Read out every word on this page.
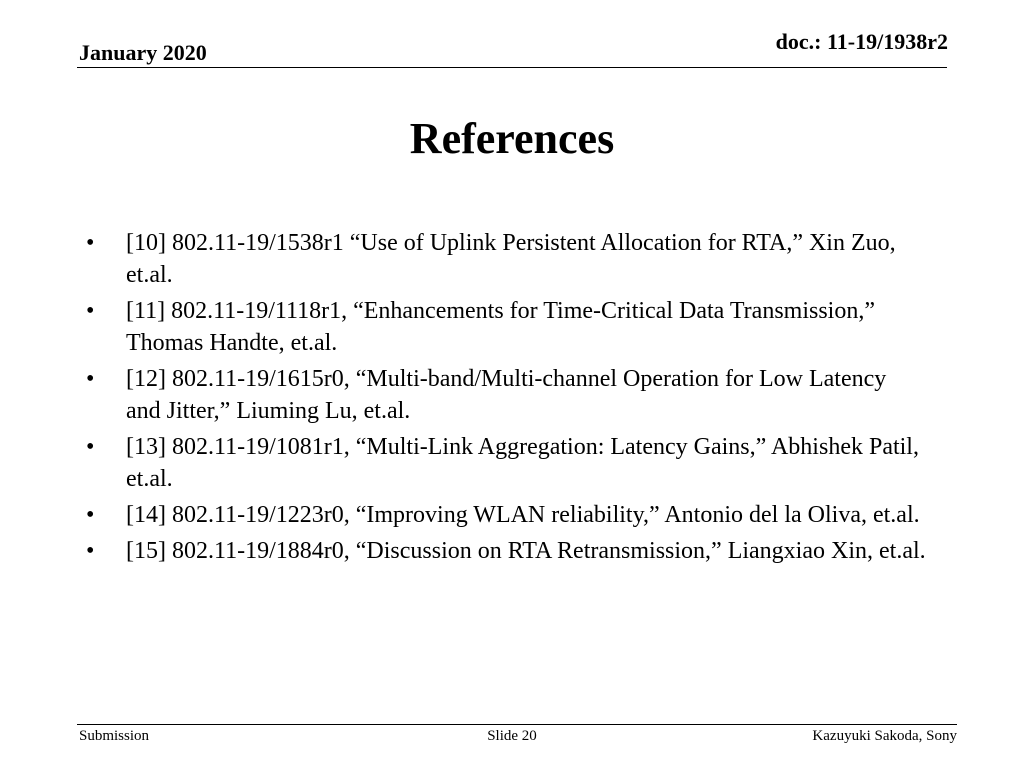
January 2020	doc.: 11-19/1938r2
References
• [10] 802.11-19/1538r1 “Use of Uplink Persistent Allocation for RTA,” Xin Zuo, et.al.
• [11] 802.11-19/1118r1, “Enhancements for Time-Critical Data Transmission,” Thomas Handte, et.al.
• [12] 802.11-19/1615r0, “Multi-band/Multi-channel Operation for Low Latency and Jitter,” Liuming Lu, et.al.
• [13] 802.11-19/1081r1, “Multi-Link Aggregation: Latency Gains,” Abhishek Patil, et.al.
• [14] 802.11-19/1223r0, “Improving WLAN reliability,” Antonio del la Oliva, et.al.
• [15] 802.11-19/1884r0, “Discussion on RTA Retransmission,” Liangxiao Xin, et.al.
Submission	Slide 20	Kazuyuki Sakoda, Sony
